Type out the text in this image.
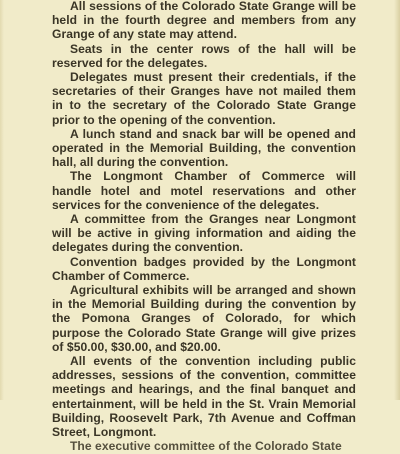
All sessions of the Colorado State Grange will be held in the fourth degree and members from any Grange of any state may attend.

Seats in the center rows of the hall will be reserved for the delegates.

Delegates must present their credentials, if the secretaries of their Granges have not mailed them in to the secretary of the Colorado State Grange prior to the opening of the convention.

A lunch stand and snack bar will be opened and operated in the Memorial Building, the convention hall, all during the convention.

The Longmont Chamber of Commerce will handle hotel and motel reservations and other services for the convenience of the delegates.

A committee from the Granges near Longmont will be active in giving information and aiding the delegates during the convention.

Convention badges provided by the Longmont Chamber of Commerce.

Agricultural exhibits will be arranged and shown in the Memorial Building during the convention by the Pomona Granges of Colorado, for which purpose the Colorado State Grange will give prizes of $50.00, $30.00, and $20.00.

All events of the convention including public addresses, sessions of the convention, committee meetings and hearings, and the final banquet and entertainment, will be held in the St. Vrain Memorial Building, Roosevelt Park, 7th Avenue and Coffman Street, Longmont.

The executive committee of the Colorado State
